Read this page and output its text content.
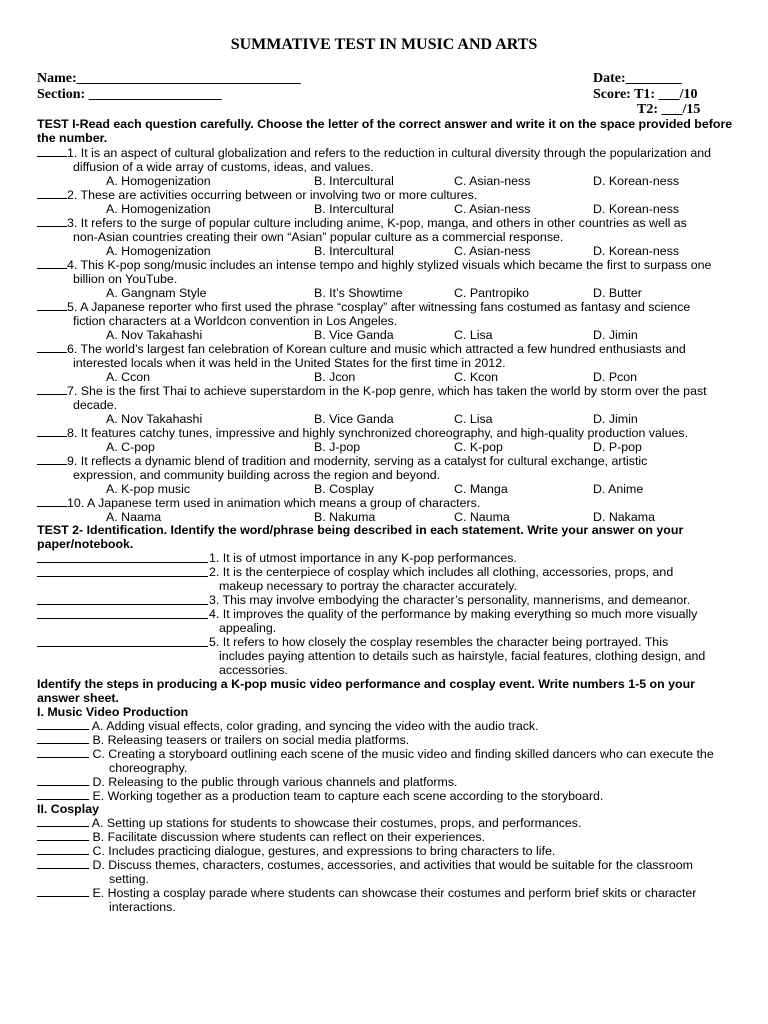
SUMMATIVE TEST IN MUSIC AND ARTS
Name:________________________________
Section: ___________________
Date:________
Score: T1: ___/10
T2: ___/15
TEST I-Read each question carefully. Choose the letter of the correct answer and write it on the space provided before the number.
1. It is an aspect of cultural globalization and refers to the reduction in cultural diversity through the popularization and
diffusion of a wide array of customs, ideas, and values.
A. Homogenization	B. Intercultural	C. Asian-ness	D. Korean-ness
2. These are activities occurring between or involving two or more cultures.
A. Homogenization	B. Intercultural	C. Asian-ness	D. Korean-ness
3. It refers to the surge of popular culture including anime, K-pop, manga, and others in other countries as well as
non-Asian countries creating their own “Asian” popular culture as a commercial response.
A. Homogenization	B. Intercultural	C. Asian-ness	D. Korean-ness
4. This K-pop song/music includes an intense tempo and highly stylized visuals which became the first to surpass one
billion on YouTube.
A. Gangnam Style	B. It’s Showtime	C. Pantropiko	D. Butter
5. A Japanese reporter who first used the phrase “cosplay” after witnessing fans costumed as fantasy and science
fiction characters at a Worldcon convention in Los Angeles.
A. Nov Takahashi	B. Vice Ganda	C. Lisa	D. Jimin
6. The world’s largest fan celebration of Korean culture and music which attracted a few hundred enthusiasts and
interested locals when it was held in the United States for the first time in 2012.
A. Ccon	B. Jcon	C. Kcon	D. Pcon
7. She is the first Thai to achieve superstardom in the K-pop genre, which has taken the world by storm over the past
decade.
A. Nov Takahashi	B. Vice Ganda	C. Lisa	D. Jimin
8. It features catchy tunes, impressive and highly synchronized choreography, and high-quality production values.
A. C-pop	B. J-pop	C. K-pop	D. P-pop
9. It reflects a dynamic blend of tradition and modernity, serving as a catalyst for cultural exchange, artistic
expression, and community building across the region and beyond.
A. K-pop music	B. Cosplay	C. Manga	D. Anime
10. A Japanese term used in animation which means a group of characters.
A. Naama	B. Nakuma	C. Nauma	D. Nakama
TEST 2- Identification. Identify the word/phrase being described in each statement. Write your answer on your paper/notebook.
1. It is of utmost importance in any K-pop performances.
2. It is the centerpiece of cosplay which includes all clothing, accessories, props, and
makeup necessary to portray the character accurately.
3. This may involve embodying the character’s personality, mannerisms, and demeanor.
4. It improves the quality of the performance by making everything so much more visually
appealing.
5. It refers to how closely the cosplay resembles the character being portrayed. This
includes paying attention to details such as hairstyle, facial features, clothing design, and
accessories.
Identify the steps in producing a K-pop music video performance and cosplay event. Write numbers 1-5 on your answer sheet.
I. Music Video Production
A. Adding visual effects, color grading, and syncing the video with the audio track.
B. Releasing teasers or trailers on social media platforms.
C. Creating a storyboard outlining each scene of the music video and finding skilled dancers who can execute the
choreography.
D. Releasing to the public through various channels and platforms.
E. Working together as a production team to capture each scene according to the storyboard.
II. Cosplay
A. Setting up stations for students to showcase their costumes, props, and performances.
B. Facilitate discussion where students can reflect on their experiences.
C. Includes practicing dialogue, gestures, and expressions to bring characters to life.
D. Discuss themes, characters, costumes, accessories, and activities that would be suitable for the classroom
setting.
E. Hosting a cosplay parade where students can showcase their costumes and perform brief skits or character
interactions.
